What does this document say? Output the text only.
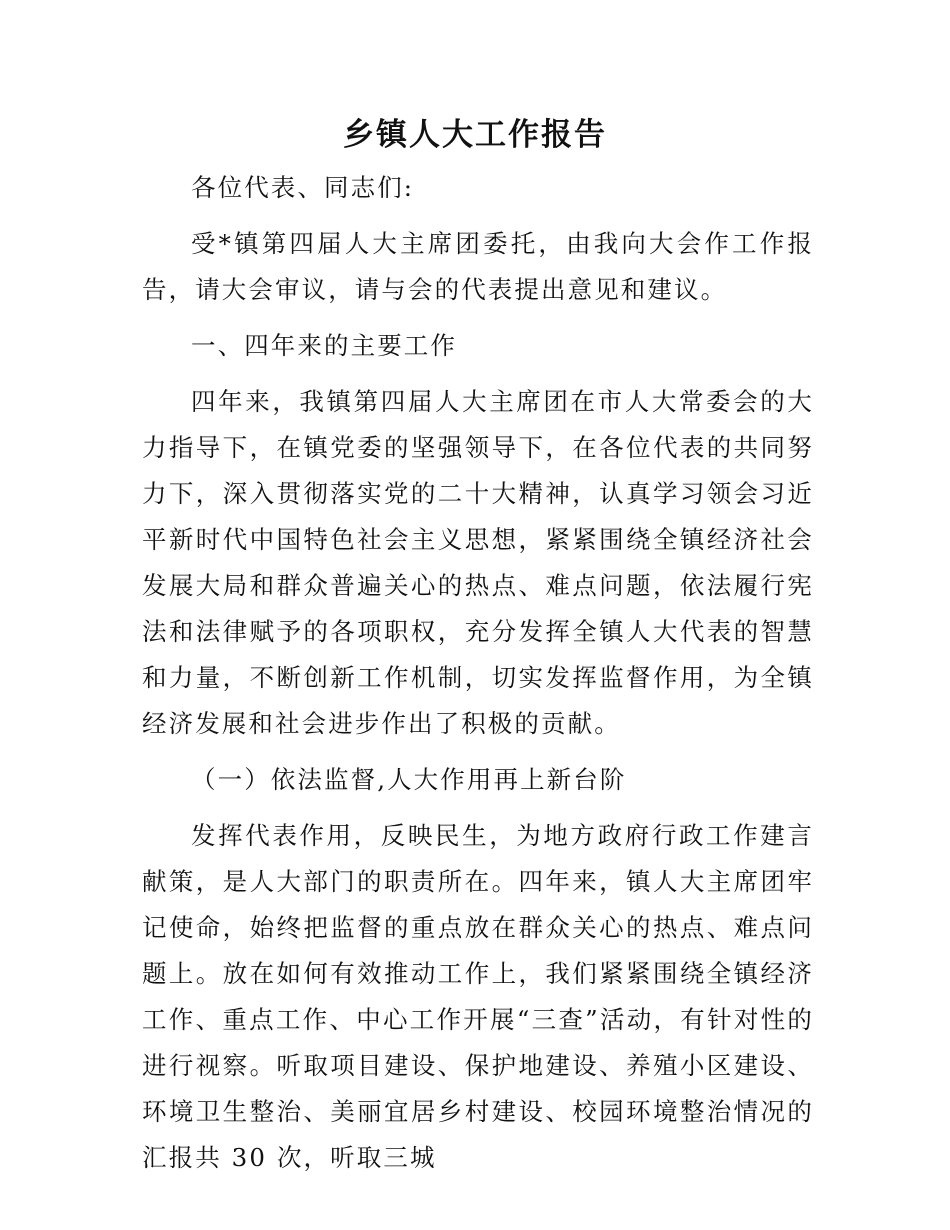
乡镇人大工作报告

各位代表、同志们:

受*镇第四届人大主席团委托，由我向大会作工作报告，请大会审议，请与会的代表提出意见和建议。

一、四年来的主要工作

四年来，我镇第四届人大主席团在市人大常委会的大力指导下，在镇党委的坚强领导下，在各位代表的共同努力下，深入贯彻落实党的二十大精神，认真学习领会习近平新时代中国特色社会主义思想，紧紧围绕全镇经济社会发展大局和群众普遍关心的热点、难点问题，依法履行宪法和法律赋予的各项职权，充分发挥全镇人大代表的智慧和力量，不断创新工作机制，切实发挥监督作用，为全镇经济发展和社会进步作出了积极的贡献。

（一）依法监督,人大作用再上新台阶

发挥代表作用，反映民生，为地方政府行政工作建言献策，是人大部门的职责所在。四年来，镇人大主席团牢记使命，始终把监督的重点放在群众关心的热点、难点问题上。放在如何有效推动工作上，我们紧紧围绕全镇经济工作、重点工作、中心工作开展“三查”活动，有针对性的进行视察。听取项目建设、保护地建设、养殖小区建设、环境卫生整治、美丽宜居乡村建设、校园环境整治情况的汇报共 30 次，听取三城
